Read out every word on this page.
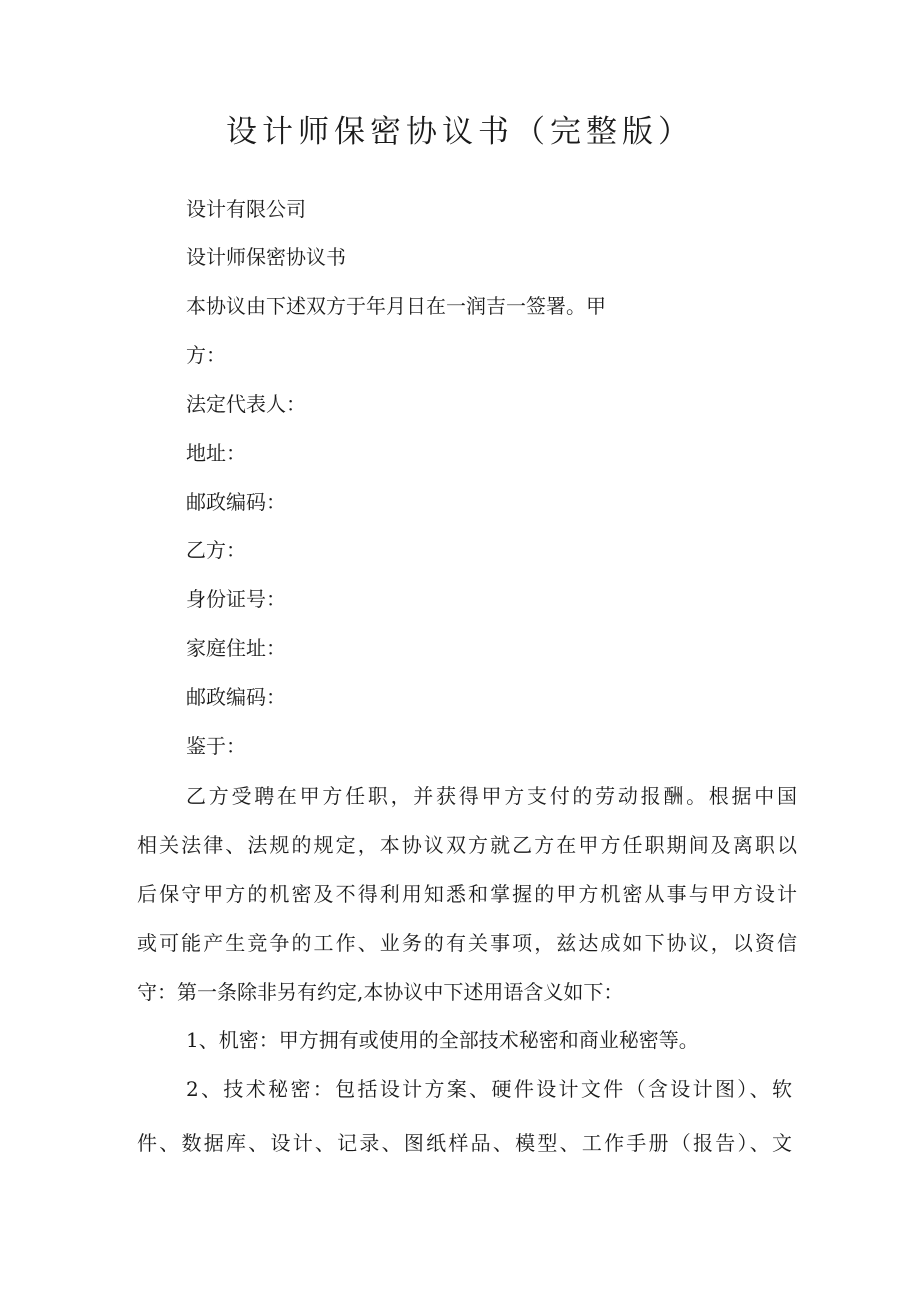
设计师保密协议书（完整版）
设计有限公司
设计师保密协议书
本协议由下述双方于年月日在一润吉一签署。甲
方：
法定代表人：
地址：
邮政编码：
乙方：
身份证号：
家庭住址：
邮政编码：
鉴于：
乙方受聘在甲方任职，并获得甲方支付的劳动报酬。根据中国
相关法律、法规的规定，本协议双方就乙方在甲方任职期间及离职以
后保守甲方的机密及不得利用知悉和掌握的甲方机密从事与甲方设计
或可能产生竞争的工作、业务的有关事项，兹达成如下协议，以资信
守：第一条除非另有约定,本协议中下述用语含义如下：
1、机密：甲方拥有或使用的全部技术秘密和商业秘密等。
2、技术秘密：包括设计方案、硬件设计文件（含设计图）、软
件、数据库、设计、记录、图纸样品、模型、工作手册（报告）、文
